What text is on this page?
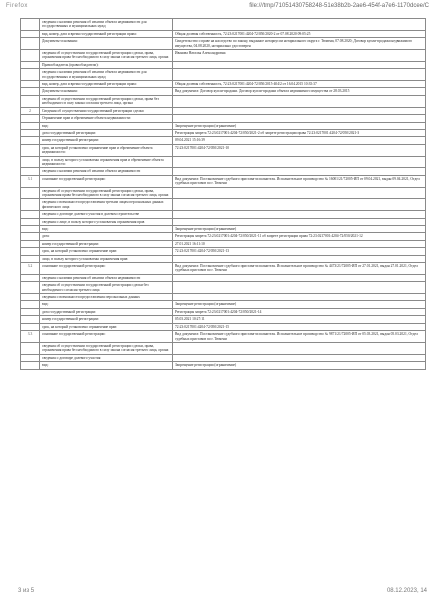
Firefox	file:///tmp/71051430758248-51e38b2b-2ae6-454f-a7e6-1170dcee/C
	сведения о наличии решения об изъятии объекта недвижимости для государственных и муниципальных нужд	
	вид, номер, дата и время государственной регистрации права:	Общая долевая собственность, 72:23:0217001:4204-72/050/2020-2 от 07.08.2020 09:05:25
	Документы-основания:	Свидетельство о праве на наследство по закону, выданное нотариусом нотариального округа г. Тюмени, 07.08.2020; Договор купли-продажи недвижимого имущества, 04.08.2020, нотариально удостоверен
	сведения об осуществлении государственной регистрации сделки, права, ограничения права без необходимого в силу закона согласия третьего лица, органа	Иванова Наталья Александровна
	Правообладатель (правообладатели):	
	сведения о наличии решения об изъятии объекта недвижимости для государственных и муниципальных нужд	
	вид, номер, дата и время государственной регистрации права:	Общая долевая собственность, 72:23:0217001:4204-72/050/2015-404/2 от 16.04.2015 10:35:37
	Документы-основания:	Вид документа: Договор купли-продажи. Договор купли-продажи объекта недвижимого имущества от 28.03.2015
	сведения об осуществлении государственной регистрации сделки, права без необходимого в силу закона согласия третьего лица, органа	
2	Сведения об осуществлении государственной регистрации сделки	
	Ограничение прав и обременение объекта недвижимости:	
	вид:	Запрещение регистрации (ограничение)
	дата государственной регистрации:	Регистрация запрета 72:23:0217001:4204-72/050/2021-2 об запрете регистрации права 72:23:0217001:4204-72/050/2021-3
	номер государственной регистрации:	09.04.2021 15:16:39
	срок, на который установлено ограничение прав и обременение объекта недвижимости:	72:23:0217001:4204-72/050/2021-10
	лицо, в пользу которого установлены ограничения прав и обременение объекта недвижимости:	
	сведения о наличии решения об изъятии объекта недвижимости	
3.1	основание государственной регистрации:	Вид документа: Постановление судебного пристава-исполнителя. Исполнительное производство № 16001/21/72005-ИП от 09.04.2021, выдан 09.04.2021, Отдел судебных приставов по г. Тюмени
	сведения об осуществлении государственной регистрации сделки, права, ограничения права без необходимого в силу закона согласия третьего лица, органа	
	сведения о возможности предоставления третьим лицам персональных данных физического лица	
	сведения о договоре долевого участия в долевом строительстве	
	сведения о лице, в пользу которого установлены ограничения прав	
	вид:	Запрещение регистрации (ограничение)
	дата:	Регистрация запрета 72:23:0217001:4204-72/050/2021-11 об запрете регистрации права 72:23:0217001:4204-72/050/2021-12
	номер государственной регистрации:	27.01.2021 16:11:10
	срок, на который установлено ограничение прав:	72:23:0217001:4204-72/050/2021-13
	лицо, в пользу которого установлены ограничения прав:	
3.2	основание государственной регистрации:	Вид документа: Постановление судебного пристава-исполнителя. Исполнительное производство № 4473/21/72005-ИП от 27.01.2021, выдан 27.01.2021, Отдел судебных приставов по г. Тюмени
	сведения о наличии решения об изъятии объекта недвижимости	
	сведения об осуществлении государственной регистрации сделки без необходимого согласия третьего лица	
	сведения о возможности предоставления персональных данных	
	вид:	Запрещение регистрации (ограничение)
	дата государственной регистрации:	Регистрация запрета 72:23:0217001:4204-72/050/2021-14
	номер государственной регистрации:	05.03.2021 10:27:11
	срок, на который установлено ограничение прав:	72:23:0217001:4204-72/050/2021-15
3.3	основание государственной регистрации:	Вид документа: Постановление судебного пристава-исполнителя. Исполнительное производство № 9871/21/72005-ИП от 05.03.2021, выдан 05.03.2021, Отдел судебных приставов по г. Тюмени
	сведения об осуществлении государственной регистрации сделки, права, ограничения права без необходимого в силу закона согласия третьего лица, органа	
	сведения о договоре долевого участия	
	вид:	Запрещение регистрации (ограничение)
3 из 5	08.12.2023, 14
